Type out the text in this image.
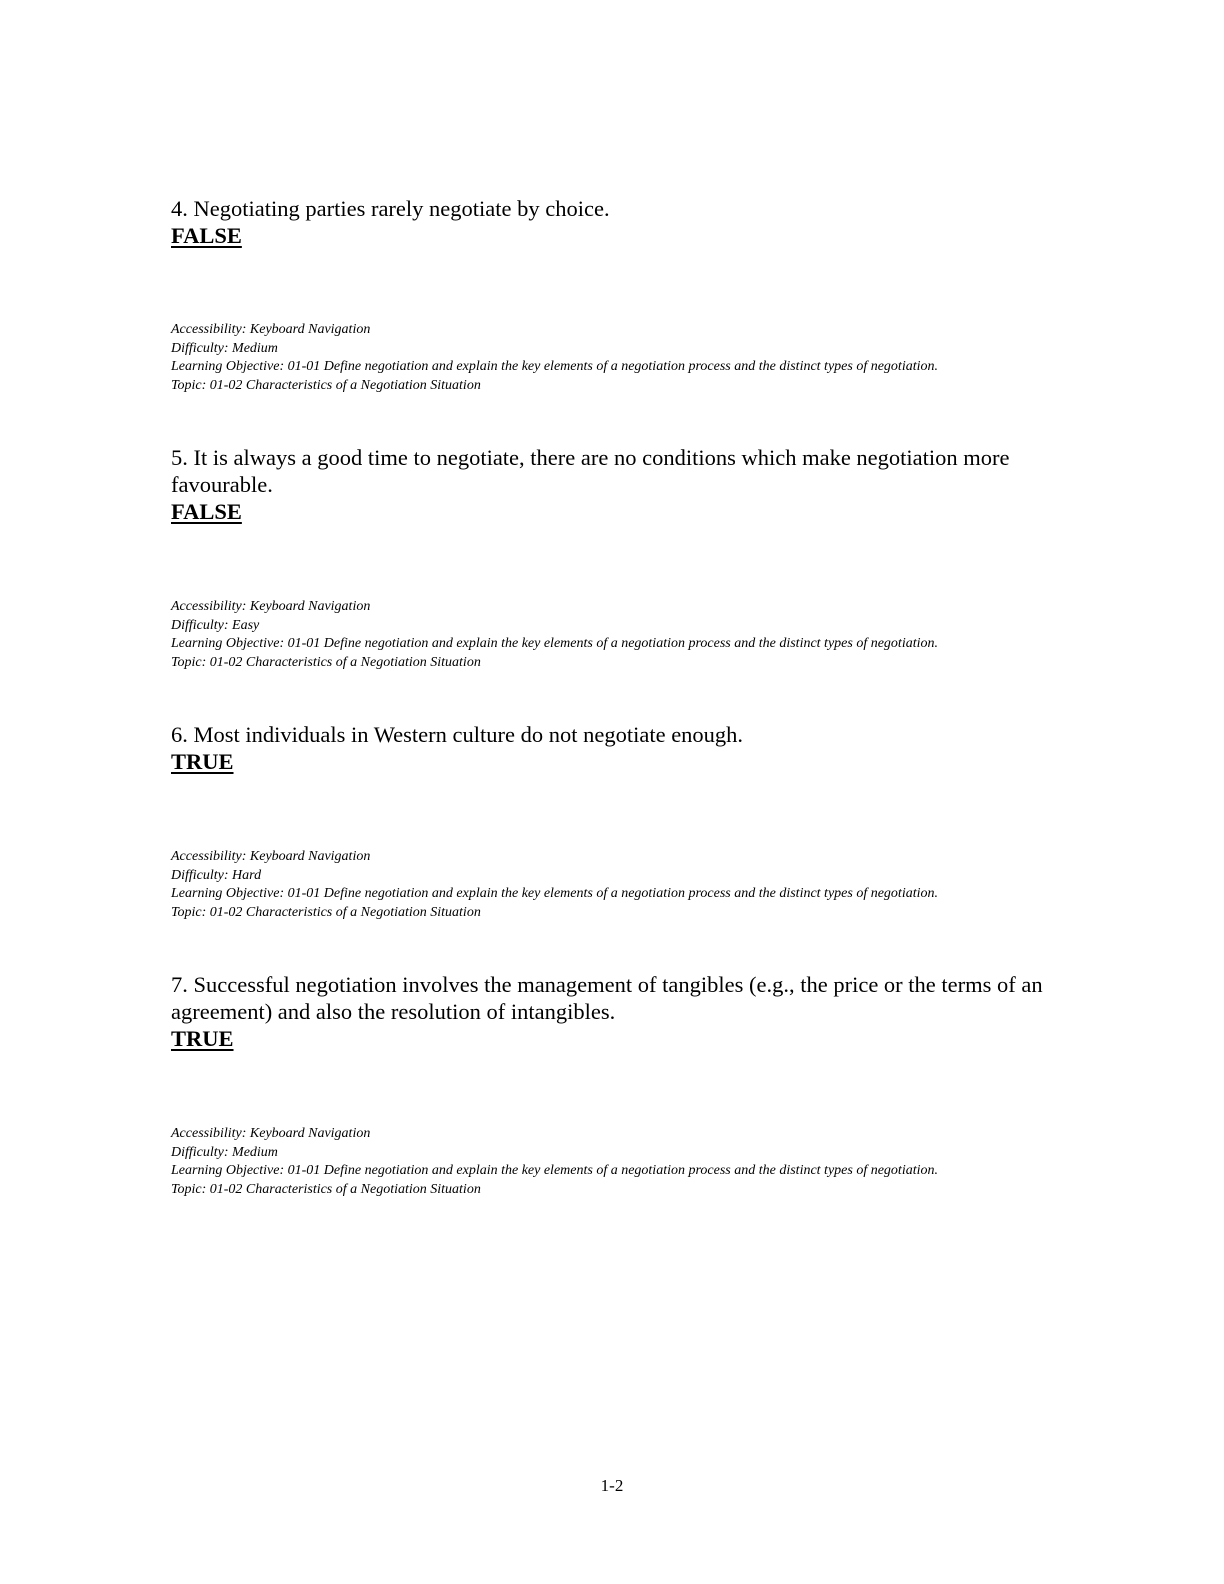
4. Negotiating parties rarely negotiate by choice.

FALSE

Accessibility: Keyboard Navigation

Difficulty: Medium

Learning Objective: 01-01 Define negotiation and explain the key elements of a negotiation process and the distinct types of negotiation.

Topic: 01-02 Characteristics of a Negotiation Situation

5. It is always a good time to negotiate, there are no conditions which make negotiation more favourable.

FALSE

Accessibility: Keyboard Navigation

Difficulty: Easy

Learning Objective: 01-01 Define negotiation and explain the key elements of a negotiation process and the distinct types of negotiation.

Topic: 01-02 Characteristics of a Negotiation Situation

6. Most individuals in Western culture do not negotiate enough.

TRUE

Accessibility: Keyboard Navigation

Difficulty: Hard

Learning Objective: 01-01 Define negotiation and explain the key elements of a negotiation process and the distinct types of negotiation.

Topic: 01-02 Characteristics of a Negotiation Situation

7. Successful negotiation involves the management of tangibles (e.g., the price or the terms of an agreement) and also the resolution of intangibles.

TRUE

Accessibility: Keyboard Navigation

Difficulty: Medium

Learning Objective: 01-01 Define negotiation and explain the key elements of a negotiation process and the distinct types of negotiation.

Topic: 01-02 Characteristics of a Negotiation Situation

1-2
